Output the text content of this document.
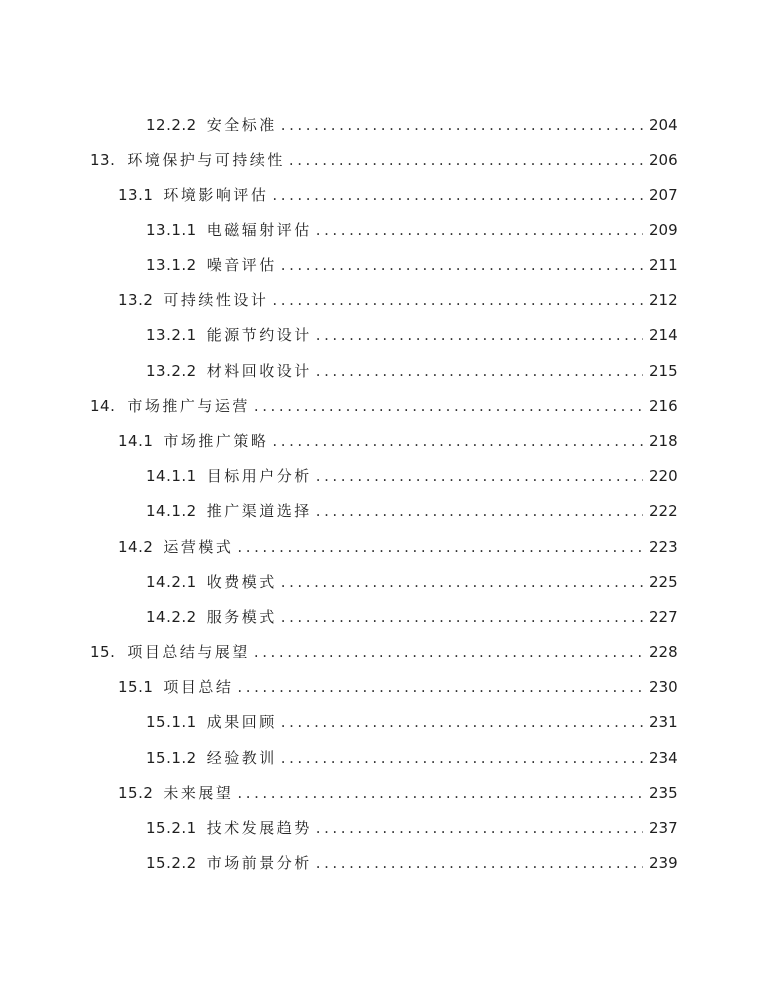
12.2.2 安全标准 . . .	204
13. 环境保护与可持续性 . . .	206
13.1 环境影响评估 . . .	207
13.1.1 电磁辐射评估 . . .	209
13.1.2 噪音评估 . . .	211
13.2 可持续性设计 . . .	212
13.2.1 能源节约设计 . . .	214
13.2.2 材料回收设计 . . .	215
14. 市场推广与运营 . . .	216
14.1 市场推广策略 . . .	218
14.1.1 目标用户分析 . . .	220
14.1.2 推广渠道选择 . . .	222
14.2 运营模式 . . .	223
14.2.1 收费模式 . . .	225
14.2.2 服务模式 . . .	227
15. 项目总结与展望 . . .	228
15.1 项目总结 . . .	230
15.1.1 成果回顾 . . .	231
15.1.2 经验教训 . . .	234
15.2 未来展望 . . .	235
15.2.1 技术发展趋势 . . .	237
15.2.2 市场前景分析 . . .	239
